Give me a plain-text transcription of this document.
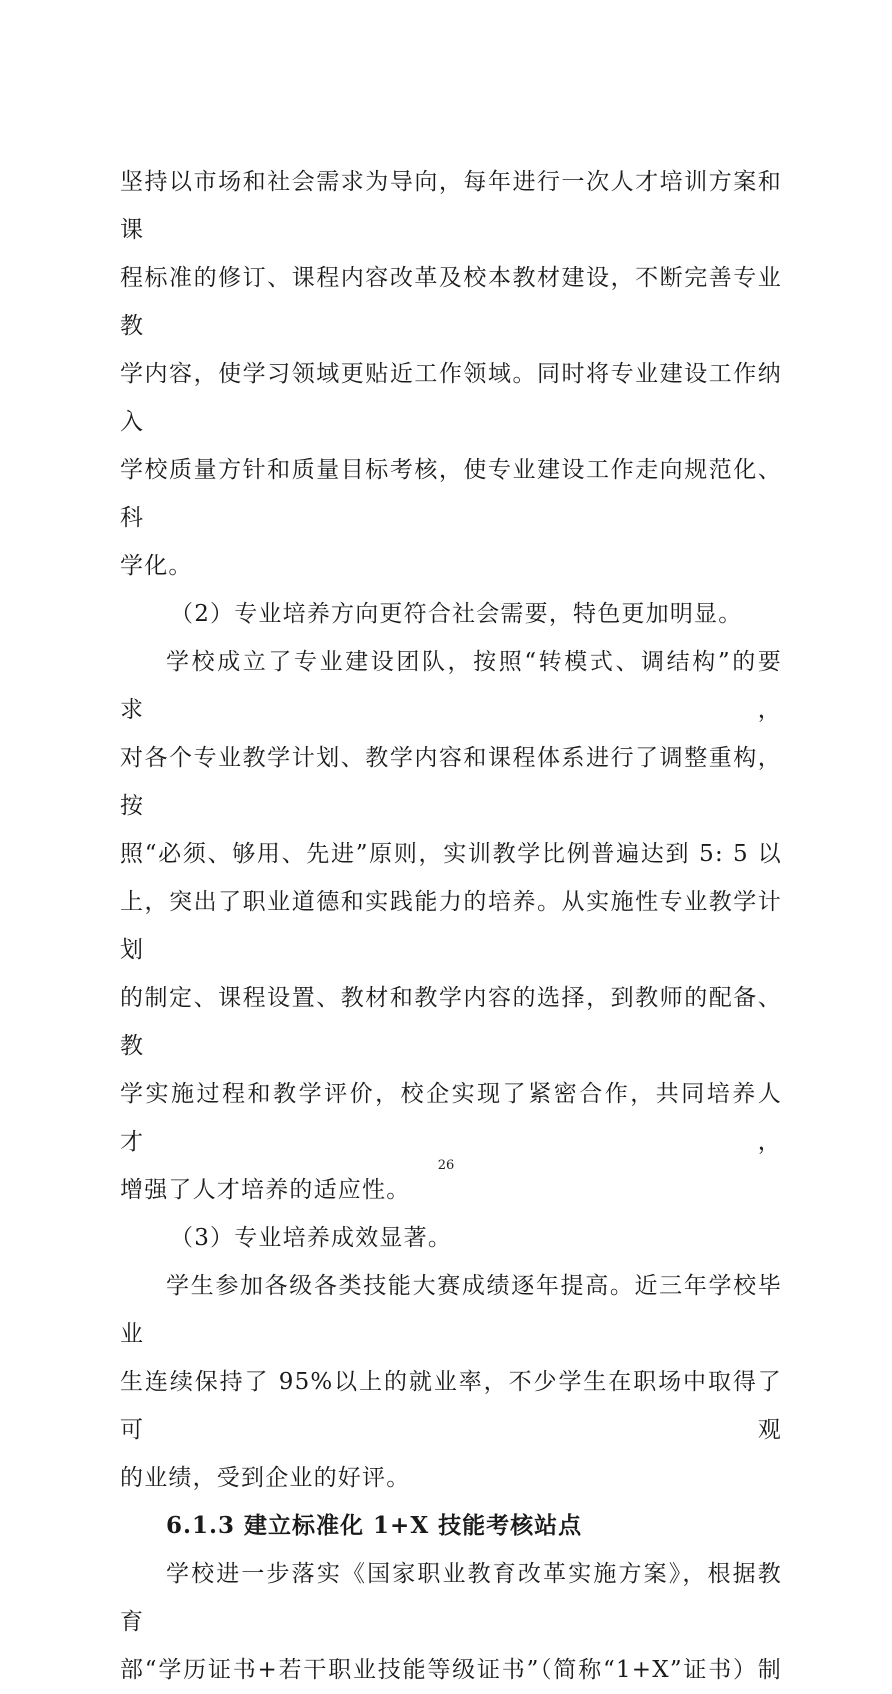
坚持以市场和社会需求为导向，每年进行一次人才培训方案和课

程标准的修订、课程内容改革及校本教材建设，不断完善专业教

学内容，使学习领域更贴近工作领域。同时将专业建设工作纳入

学校质量方针和质量目标考核，使专业建设工作走向规范化、科

学化。

（2）专业培养方向更符合社会需要，特色更加明显。

学校成立了专业建设团队，按照“转模式、调结构”的要求，

对各个专业教学计划、教学内容和课程体系进行了调整重构，按

照“必须、够用、先进”原则，实训教学比例普遍达到 5: 5 以

上，突出了职业道德和实践能力的培养。从实施性专业教学计划

的制定、课程设置、教材和教学内容的选择，到教师的配备、教

学实施过程和教学评价，校企实现了紧密合作，共同培养人才，

增强了人才培养的适应性。

（3）专业培养成效显著。

学生参加各级各类技能大赛成绩逐年提高。近三年学校毕业

生连续保持了 95%以上的就业率，不少学生在职场中取得了可观

的业绩，受到企业的好评。

6.1.3 建立标准化 1+X 技能考核站点

学校进一步落实《国家职业教育改革实施方案》，根据教育

部“学历证书+若干职业技能等级证书”（简称“1+X”证书）制

26
